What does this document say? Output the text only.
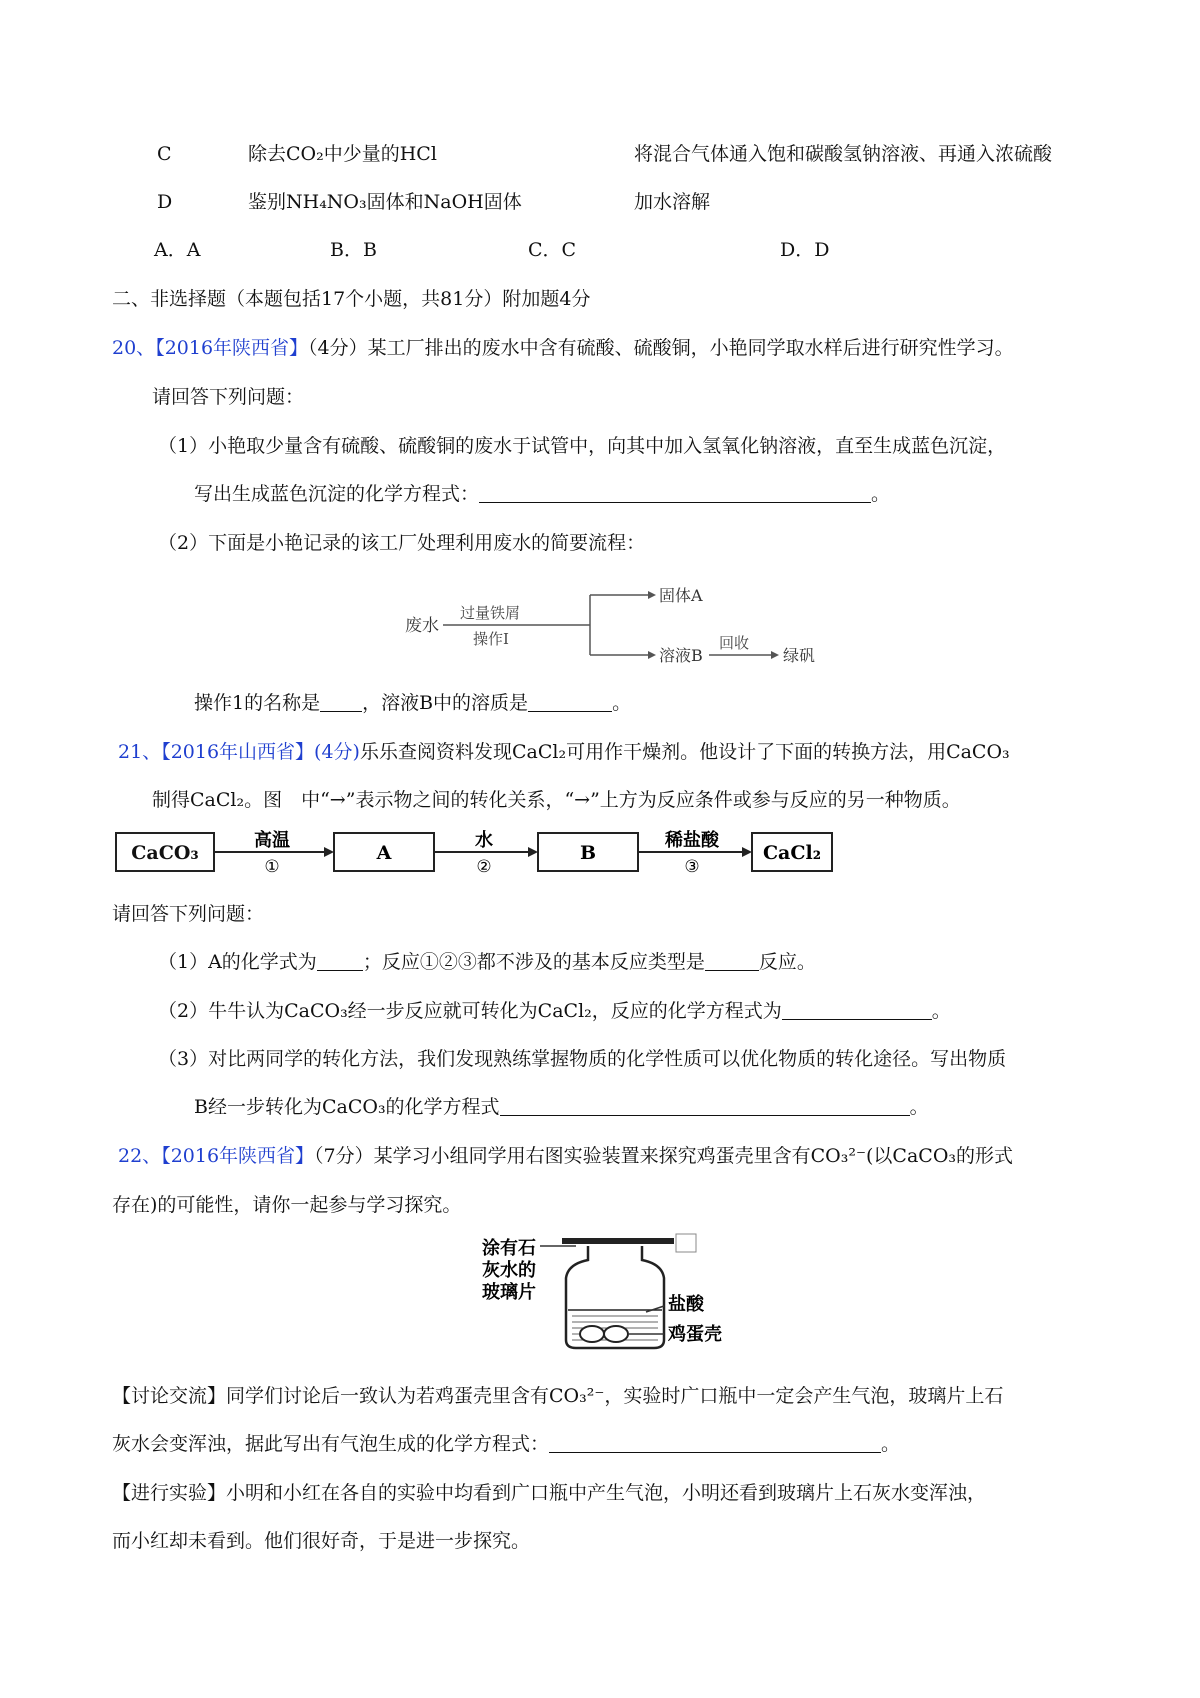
C	除去CO₂中少量的HCl	将混合气体通入饱和碳酸氢钠溶液、再通入浓硫酸
D	鉴别NH₄NO₃固体和NaOH固体	加水溶解
A．A	B．B	C．C	D．D
二、非选择题（本题包括17个小题，共81分）附加题4分
20、【2016年陕西省】（4分）某工厂排出的废水中含有硫酸、硫酸铜，小艳同学取水样后进行研究性学习。
请回答下列问题：
（1）小艳取少量含有硫酸、硫酸铜的废水于试管中，向其中加入氢氧化钠溶液，直至生成蓝色沉淀，
写出生成蓝色沉淀的化学方程式：	。
（2）下面是小艳记录的该工厂处理利用废水的简要流程：
废水
过量铁屑
操作I
固体A
溶液B
回收
绿矾
操作1的名称是 ，溶液B中的溶质是	。
21、【2016年山西省】(4分)乐乐查阅资料发现CaCl₂可用作干燥剂。他设计了下面的转换方法，用CaCO₃
制得CaCl₂。图　中“→”表示物之间的转化关系，“→”上方为反应条件或参与反应的另一种物质。
CaCO₃
高温
①
A
水
②
B
稀盐酸
③
CaCl₂
请回答下列问题：
（1）A的化学式为 ；反应①②③都不涉及的基本反应类型是	反应。
（2）牛牛认为CaCO₃经一步反应就可转化为CaCl₂，反应的化学方程式为	。
（3）对比两同学的转化方法，我们发现熟练掌握物质的化学性质可以优化物质的转化途径。写出物质
B经一步转化为CaCO₃的化学方程式	。
22、【2016年陕西省】（7分）某学习小组同学用右图实验装置来探究鸡蛋壳里含有CO₃²⁻(以CaCO₃的形式
存在)的可能性，请你一起参与学习探究。
涂有石
灰水的
玻璃片
盐酸
鸡蛋壳
【讨论交流】同学们讨论后一致认为若鸡蛋壳里含有CO₃²⁻，实验时广口瓶中一定会产生气泡，玻璃片上石
灰水会变浑浊，据此写出有气泡生成的化学方程式：	。
【进行实验】小明和小红在各自的实验中均看到广口瓶中产生气泡，小明还看到玻璃片上石灰水变浑浊，
而小红却未看到。他们很好奇，于是进一步探究。
